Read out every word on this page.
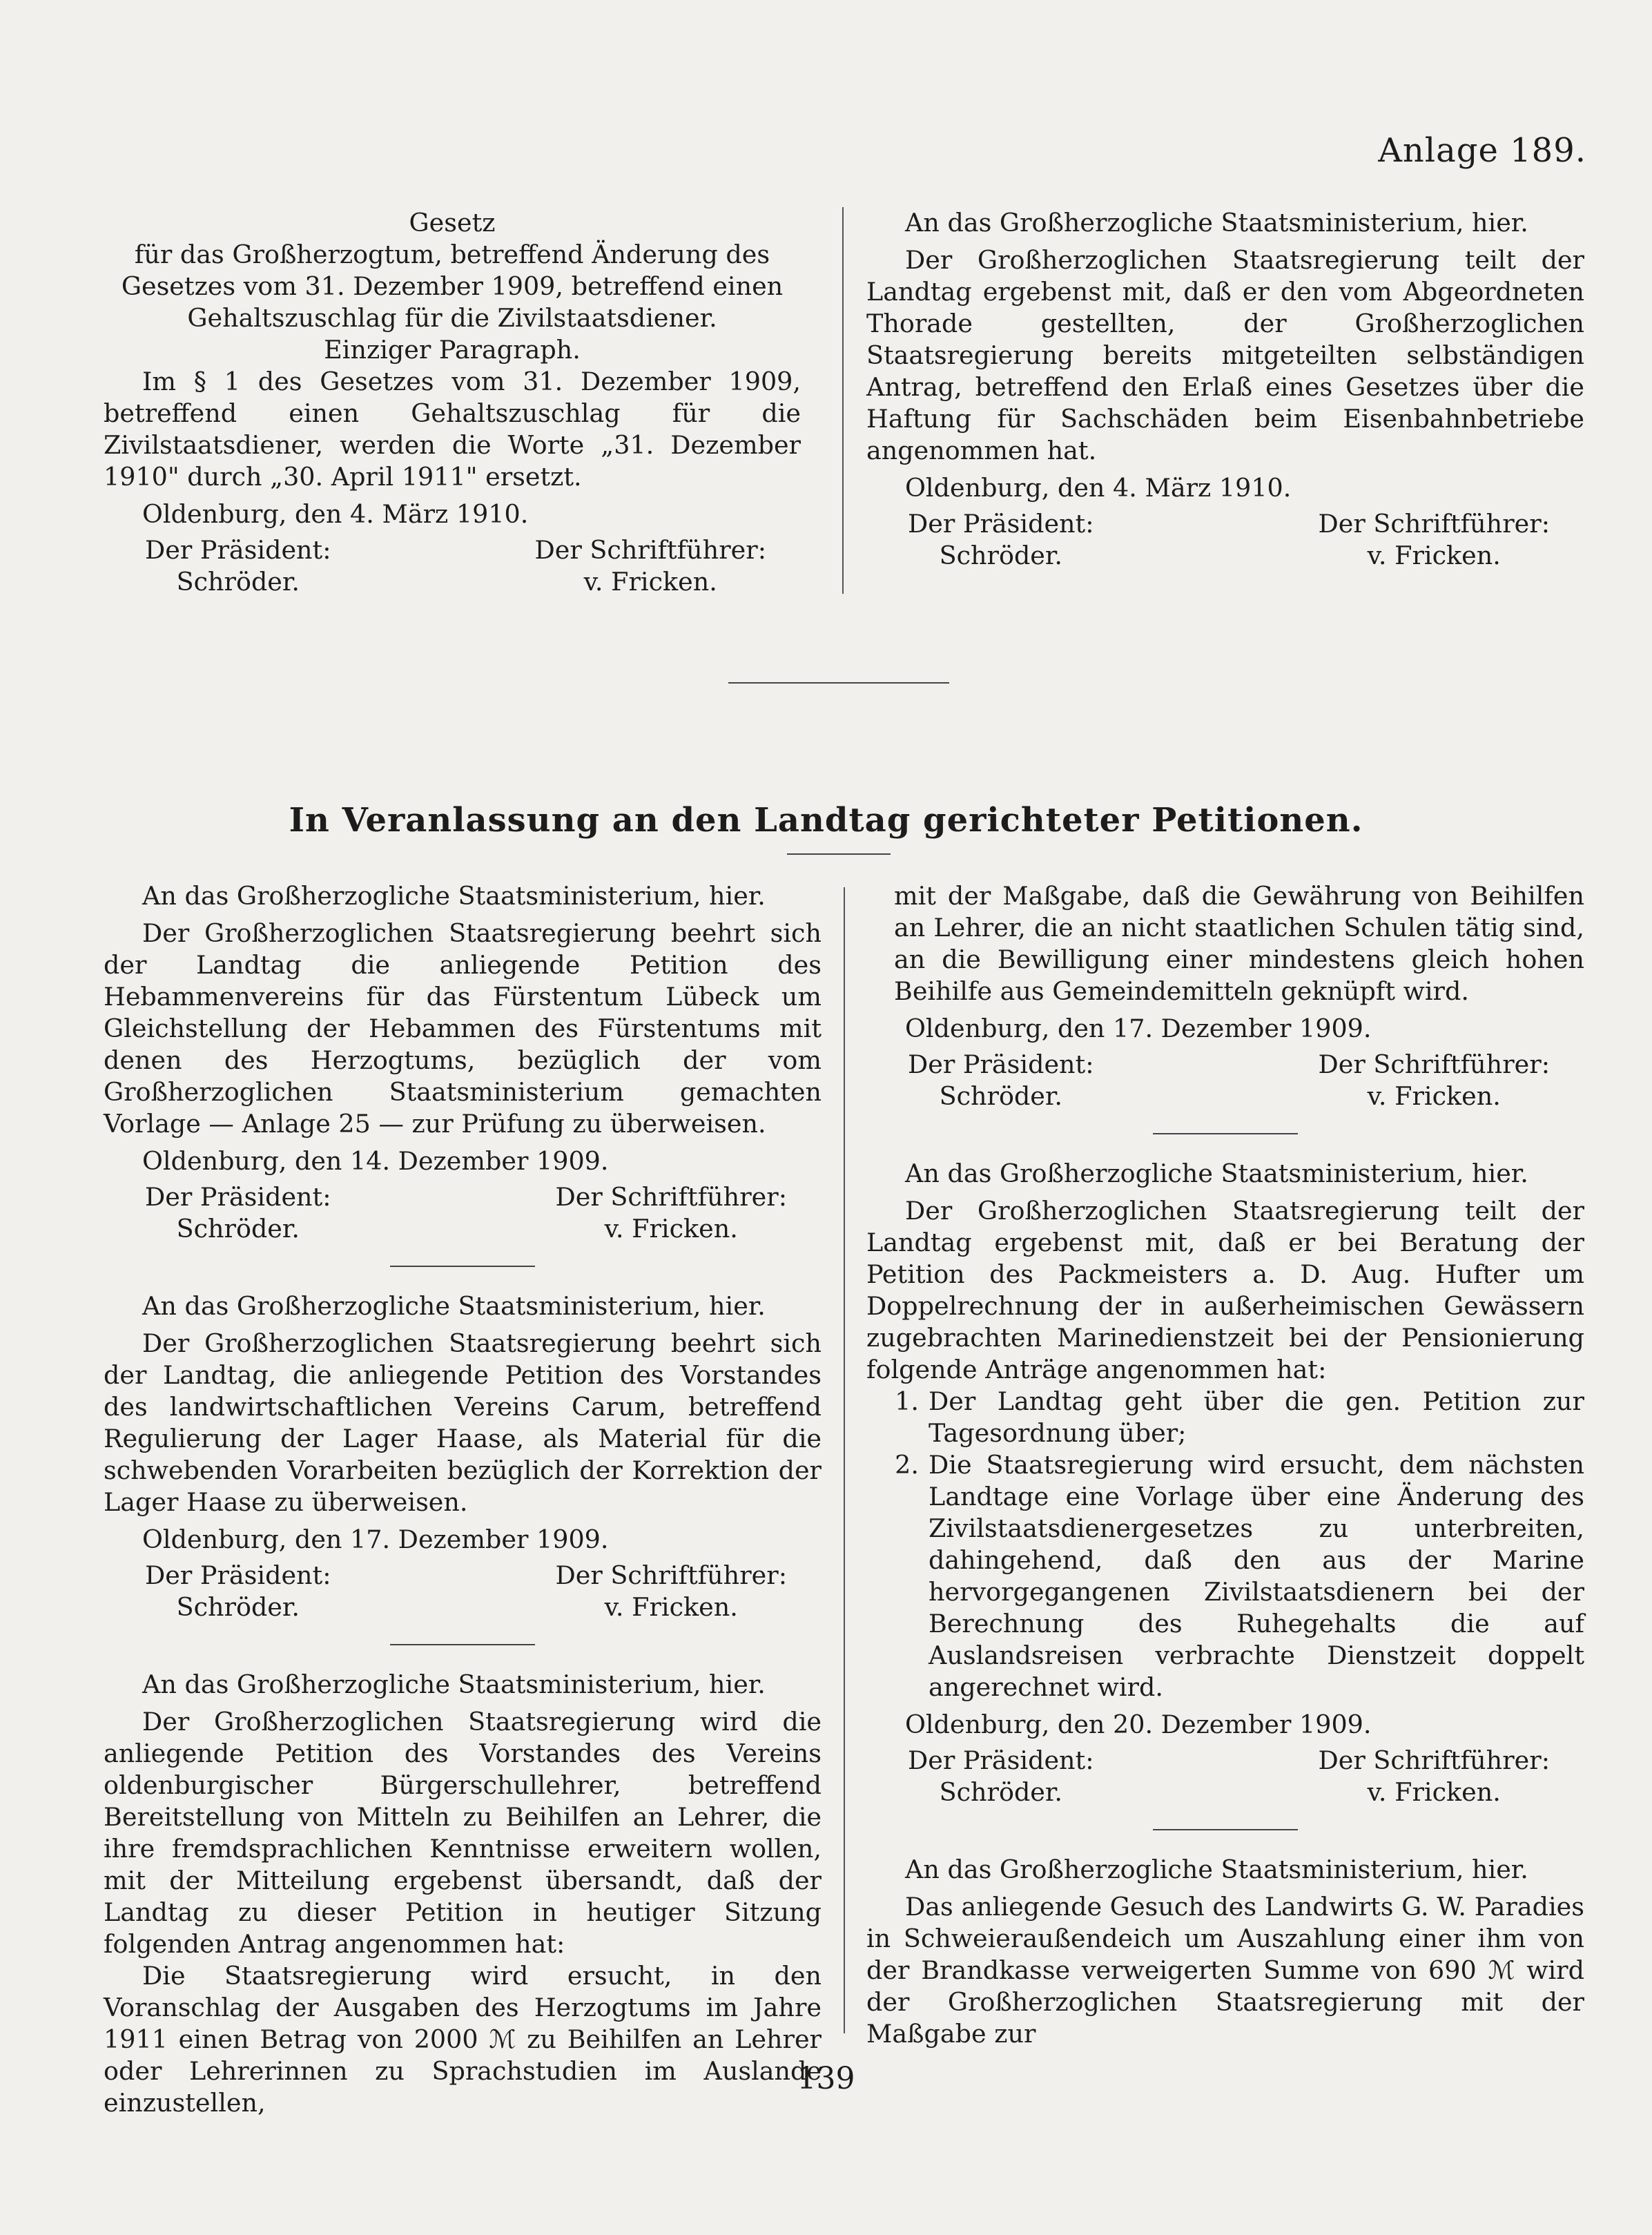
Anlage 189.

Gesetz

für das Großherzogtum, betreffend Änderung des Gesetzes vom 31. Dezember 1909, betreffend einen Gehaltszuschlag für die Zivilstaatsdiener.

Einziger Paragraph.

Im § 1 des Gesetzes vom 31. Dezember 1909, betreffend einen Gehaltszuschlag für die Zivilstaatsdiener, werden die Worte „31. Dezember 1910" durch „30. April 1911" ersetzt.

Oldenburg, den 4. März 1910.

Der Präsident:
Schröder.
Der Schriftführer:
v. Fricken.

An das Großherzogliche Staatsministerium, hier.

Der Großherzoglichen Staatsregierung teilt der Landtag ergebenst mit, daß er den vom Abgeordneten Thorade gestellten, der Großherzoglichen Staatsregierung bereits mitgeteilten selbständigen Antrag, betreffend den Erlaß eines Gesetzes über die Haftung für Sachschäden beim Eisenbahnbetriebe angenommen hat.

Oldenburg, den 4. März 1910.

Der Präsident:
Schröder.
Der Schriftführer:
v. Fricken.
In Veranlassung an den Landtag gerichteter Petitionen.

An das Großherzogliche Staatsministerium, hier.

Der Großherzoglichen Staatsregierung beehrt sich der Landtag die anliegende Petition des Hebammenvereins für das Fürstentum Lübeck um Gleichstellung der Hebammen des Fürstentums mit denen des Herzogtums, bezüglich der vom Großherzoglichen Staatsministerium gemachten Vorlage — Anlage 25 — zur Prüfung zu überweisen.

Oldenburg, den 14. Dezember 1909.

Der Präsident:
Schröder.
Der Schriftführer:
v. Fricken.

An das Großherzogliche Staatsministerium, hier.

Der Großherzoglichen Staatsregierung beehrt sich der Landtag, die anliegende Petition des Vorstandes des landwirtschaftlichen Vereins Carum, betreffend Regulierung der Lager Haase, als Material für die schwebenden Vorarbeiten bezüglich der Korrektion der Lager Haase zu überweisen.

Oldenburg, den 17. Dezember 1909.

Der Präsident:
Schröder.
Der Schriftführer:
v. Fricken.

An das Großherzogliche Staatsministerium, hier.

Der Großherzoglichen Staatsregierung wird die anliegende Petition des Vorstandes des Vereins oldenburgischer Bürgerschullehrer, betreffend Bereitstellung von Mitteln zu Beihilfen an Lehrer, die ihre fremdsprachlichen Kenntnisse erweitern wollen, mit der Mitteilung ergebenst übersandt, daß der Landtag zu dieser Petition in heutiger Sitzung folgenden Antrag angenommen hat:

Die Staatsregierung wird ersucht, in den Voranschlag der Ausgaben des Herzogtums im Jahre 1911 einen Betrag von 2000 ℳ zu Beihilfen an Lehrer oder Lehrerinnen zu Sprachstudien im Auslande einzustellen,

mit der Maßgabe, daß die Gewährung von Beihilfen an Lehrer, die an nicht staatlichen Schulen tätig sind, an die Bewilligung einer mindestens gleich hohen Beihilfe aus Gemeindemitteln geknüpft wird.

Oldenburg, den 17. Dezember 1909.

Der Präsident:
Schröder.
Der Schriftführer:
v. Fricken.

An das Großherzogliche Staatsministerium, hier.

Der Großherzoglichen Staatsregierung teilt der Landtag ergebenst mit, daß er bei Beratung der Petition des Packmeisters a. D. Aug. Hufter um Doppelrechnung der in außerheimischen Gewässern zugebrachten Marinedienstzeit bei der Pensionierung folgende Anträge angenommen hat:

1. Der Landtag geht über die gen. Petition zur Tagesordnung über;
2. Die Staatsregierung wird ersucht, dem nächsten Landtage eine Vorlage über eine Änderung des Zivilstaatsdienergesetzes zu unterbreiten, dahingehend, daß den aus der Marine hervorgegangenen Zivilstaatsdienern bei der Berechnung des Ruhegehalts die auf Auslandsreisen verbrachte Dienstzeit doppelt angerechnet wird.

Oldenburg, den 20. Dezember 1909.

Der Präsident:
Schröder.
Der Schriftführer:
v. Fricken.

An das Großherzogliche Staatsministerium, hier.

Das anliegende Gesuch des Landwirts G. W. Paradies in Schweieraußendeich um Auszahlung einer ihm von der Brandkasse verweigerten Summe von 690 ℳ wird der Großherzoglichen Staatsregierung mit der Maßgabe zur

139
